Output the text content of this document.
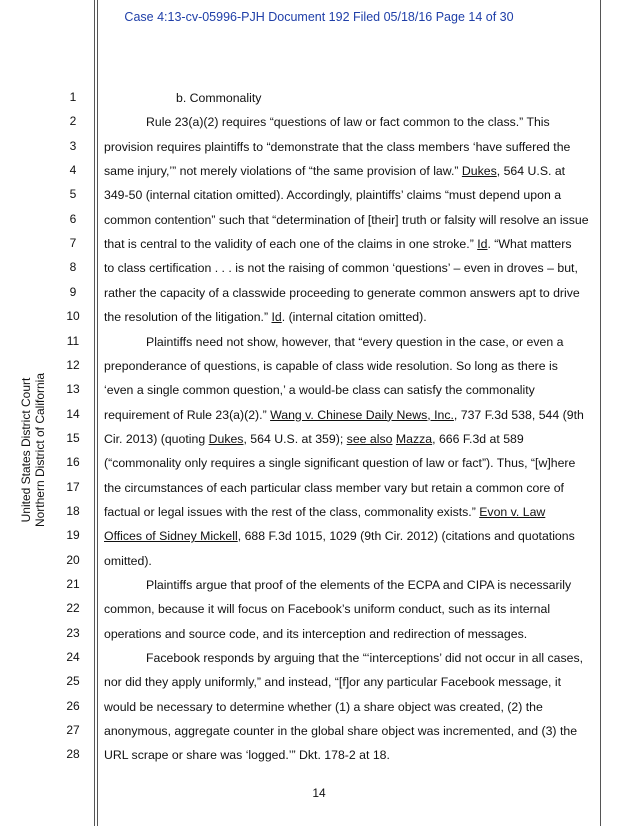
Case 4:13-cv-05996-PJH Document 192 Filed 05/18/16 Page 14 of 30
United States District Court Northern District of California
1	b. Commonality
2	Rule 23(a)(2) requires “questions of law or fact common to the class.” This
3	provision requires plaintiffs to “demonstrate that the class members ‘have suffered the
4	same injury,’” not merely violations of “the same provision of law.” Dukes, 564 U.S. at
5	349-50 (internal citation omitted). Accordingly, plaintiffs’ claims “must depend upon a
6	common contention” such that “determination of [their] truth or falsity will resolve an issue
7	that is central to the validity of each one of the claims in one stroke.” Id. “What matters
8	to class certification . . . is not the raising of common ‘questions’ – even in droves – but,
9	rather the capacity of a classwide proceeding to generate common answers apt to drive
10	the resolution of the litigation.” Id. (internal citation omitted).
11	Plaintiffs need not show, however, that “every question in the case, or even a
12	preponderance of questions, is capable of class wide resolution. So long as there is
13	‘even a single common question,’ a would-be class can satisfy the commonality
14	requirement of Rule 23(a)(2).” Wang v. Chinese Daily News, Inc., 737 F.3d 538, 544 (9th
15	Cir. 2013) (quoting Dukes, 564 U.S. at 359); see also Mazza, 666 F.3d at 589
16	(“commonality only requires a single significant question of law or fact”). Thus, “[w]here
17	the circumstances of each particular class member vary but retain a common core of
18	factual or legal issues with the rest of the class, commonality exists.” Evon v. Law
19	Offices of Sidney Mickell, 688 F.3d 1015, 1029 (9th Cir. 2012) (citations and quotations
20	omitted).
21	Plaintiffs argue that proof of the elements of the ECPA and CIPA is necessarily
22	common, because it will focus on Facebook’s uniform conduct, such as its internal
23	operations and source code, and its interception and redirection of messages.
24	Facebook responds by arguing that the “‘interceptions’ did not occur in all cases,
25	nor did they apply uniformly,” and instead, “[f]or any particular Facebook message, it
26	would be necessary to determine whether (1) a share object was created, (2) the
27	anonymous, aggregate counter in the global share object was incremented, and (3) the
28	URL scrape or share was ‘logged.’” Dkt. 178-2 at 18.
14
